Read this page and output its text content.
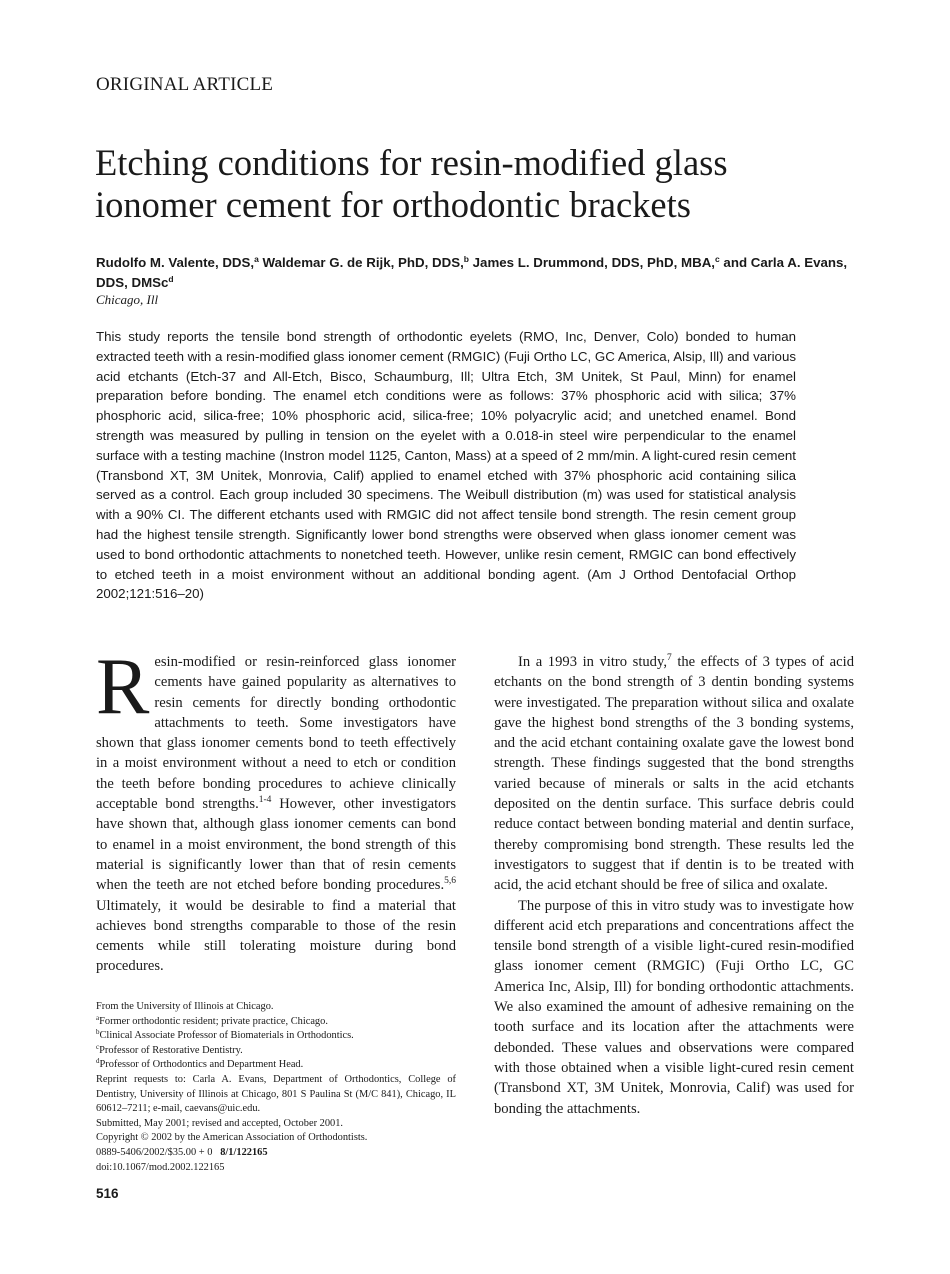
ORIGINAL ARTICLE
Etching conditions for resin-modified glass
ionomer cement for orthodontic brackets
Rudolfo M. Valente, DDS,$^a$ Waldemar G. de Rijk, PhD, DDS,$^b$ James L. Drummond, DDS, PhD, MBA,$^c$ and Carla A. Evans, DDS, DMSc$^d$
Chicago, Ill

This study reports the tensile bond strength of orthodontic eyelets (RMO, Inc, Denver, Colo) bonded to human extracted teeth with a resin-modified glass ionomer cement (RMGIC) (Fuji Ortho LC, GC America, Alsip, Ill) and various acid etchants (Etch-37 and All-Etch, Bisco, Schaumburg, Ill; Ultra Etch, 3M Unitek, St Paul, Minn) for enamel preparation before bonding. The enamel etch conditions were as follows: 37% phosphoric acid with silica; 37% phosphoric acid, silica-free; 10% phosphoric acid, silica-free; 10% polyacrylic acid; and unetched enamel. Bond strength was measured by pulling in tension on the eyelet with a 0.018-in steel wire perpendicular to the enamel surface with a testing machine (Instron model 1125, Canton, Mass) at a speed of 2 mm/min. A light-cured resin cement (Transbond XT, 3M Unitek, Monrovia, Calif) applied to enamel etched with 37% phosphoric acid containing silica served as a control. Each group included 30 specimens. The Weibull distribution (m) was used for statistical analysis with a 90% CI. The different etchants used with RMGIC did not affect tensile bond strength. The resin cement group had the highest tensile strength. Significantly lower bond strengths were observed when glass ionomer cement was used to bond orthodontic attachments to nonetched teeth. However, unlike resin cement, RMGIC can bond effectively to etched teeth in a moist environment without an additional bonding agent. (Am J Orthod Dentofacial Orthop 2002;121:516–20)

Resin-modified or resin-reinforced glass ionomer cements have gained popularity as alternatives to resin cements for directly bonding orthodontic attachments to teeth. Some investigators have shown that glass ionomer cements bond to teeth effectively in a moist environment without a need to etch or condition the teeth before bonding procedures to achieve clinically acceptable bond strengths.$^{1-4}$ However, other investigators have shown that, although glass ionomer cements can bond to enamel in a moist environment, the bond strength of this material is significantly lower than that of resin cements when the teeth are not etched before bonding procedures.$^{5,6}$ Ultimately, it would be desirable to find a material that achieves bond strengths comparable to those of the resin cements while still tolerating moisture during bond procedures.

In a 1993 in vitro study,$^7$ the effects of 3 types of acid etchants on the bond strength of 3 dentin bonding systems were investigated. The preparation without silica and oxalate gave the highest bond strengths of the 3 bonding systems, and the acid etchant containing oxalate gave the lowest bond strength. These findings suggested that the bond strengths varied because of minerals or salts in the acid etchants deposited on the dentin surface. This surface debris could reduce contact between bonding material and dentin surface, thereby compromising bond strength. These results led the investigators to suggest that if dentin is to be treated with acid, the acid etchant should be free of silica and oxalate.

The purpose of this in vitro study was to investigate how different acid etch preparations and concentrations affect the tensile bond strength of a visible light-cured resin-modified glass ionomer cement (RMGIC) (Fuji Ortho LC, GC America Inc, Alsip, Ill) for bonding orthodontic attachments. We also examined the amount of adhesive remaining on the tooth surface and its location after the attachments were debonded. These values and observations were compared with those obtained when a visible light-cured resin cement (Transbond XT, 3M Unitek, Monrovia, Calif) was used for bonding the attachments.

From the University of Illinois at Chicago.

$^a$Former orthodontic resident; private practice, Chicago.

$^b$Clinical Associate Professor of Biomaterials in Orthodontics.

$^c$Professor of Restorative Dentistry.

$^d$Professor of Orthodontics and Department Head.

Reprint requests to: Carla A. Evans, Department of Orthodontics, College of Dentistry, University of Illinois at Chicago, 801 S Paulina St (M/C 841), Chicago, IL 60612–7211; e-mail, caevans@uic.edu.

Submitted, May 2001; revised and accepted, October 2001.

Copyright © 2002 by the American Association of Orthodontists.

0889-5406/2002/$35.00 + 0 8/1/122165

doi:10.1067/mod.2002.122165

516
